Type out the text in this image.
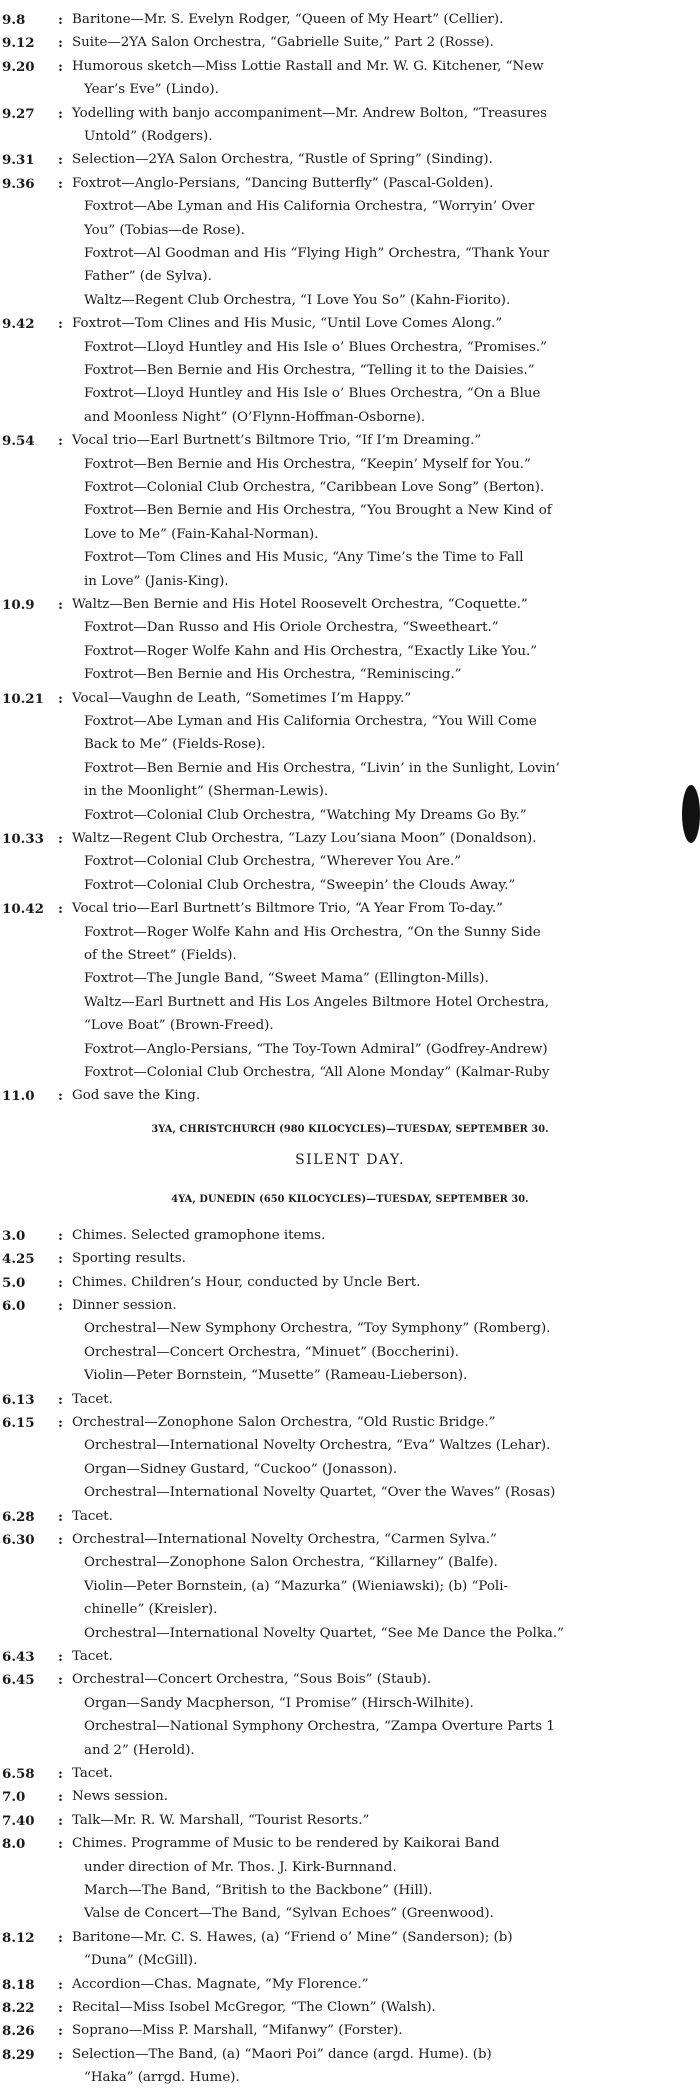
9.8	: Baritone—Mr. S. Evelyn Rodger, “Queen of My Heart” (Cellier).
9.12	: Suite—2YA Salon Orchestra, “Gabrielle Suite,” Part 2 (Rosse).
9.20	: Humorous sketch—Miss Lottie Rastall and Mr. W. G. Kitchener, “New
Year’s Eve” (Lindo).
9.27	: Yodelling with banjo accompaniment—Mr. Andrew Bolton, “Treasures
Untold” (Rodgers).
9.31	: Selection—2YA Salon Orchestra, “Rustle of Spring” (Sinding).
9.36	: Foxtrot—Anglo-Persians, “Dancing Butterfly” (Pascal-Golden).
Foxtrot—Abe Lyman and His California Orchestra, “Worryin’ Over
You” (Tobias—de Rose).
Foxtrot—Al Goodman and His “Flying High” Orchestra, “Thank Your
Father” (de Sylva).
Waltz—Regent Club Orchestra, “I Love You So” (Kahn-Fiorito).
9.42	: Foxtrot—Tom Clines and His Music, “Until Love Comes Along.”
Foxtrot—Lloyd Huntley and His Isle o’ Blues Orchestra, “Promises.”
Foxtrot—Ben Bernie and His Orchestra, “Telling it to the Daisies.”
Foxtrot—Lloyd Huntley and His Isle o’ Blues Orchestra, “On a Blue
and Moonless Night” (O’Flynn-Hoffman-Osborne).
9.54	: Vocal trio—Earl Burtnett’s Biltmore Trio, “If I’m Dreaming.”
Foxtrot—Ben Bernie and His Orchestra, “Keepin’ Myself for You.”
Foxtrot—Colonial Club Orchestra, “Caribbean Love Song” (Berton).
Foxtrot—Ben Bernie and His Orchestra, “You Brought a New Kind of
Love to Me” (Fain-Kahal-Norman).
Foxtrot—Tom Clines and His Music, “Any Time’s the Time to Fall
in Love” (Janis-King).
10.9	: Waltz—Ben Bernie and His Hotel Roosevelt Orchestra, “Coquette.”
Foxtrot—Dan Russo and His Oriole Orchestra, “Sweetheart.”
Foxtrot—Roger Wolfe Kahn and His Orchestra, “Exactly Like You.”
Foxtrot—Ben Bernie and His Orchestra, “Reminiscing.”
10.21	: Vocal—Vaughn de Leath, “Sometimes I’m Happy.”
Foxtrot—Abe Lyman and His California Orchestra, “You Will Come
Back to Me” (Fields-Rose).
Foxtrot—Ben Bernie and His Orchestra, “Livin’ in the Sunlight, Lovin’
in the Moonlight” (Sherman-Lewis).
Foxtrot—Colonial Club Orchestra, “Watching My Dreams Go By.”
10.33	: Waltz—Regent Club Orchestra, “Lazy Lou’siana Moon” (Donaldson).
Foxtrot—Colonial Club Orchestra, “Wherever You Are.”
Foxtrot—Colonial Club Orchestra, “Sweepin’ the Clouds Away.”
10.42	: Vocal trio—Earl Burtnett’s Biltmore Trio, “A Year From To-day.”
Foxtrot—Roger Wolfe Kahn and His Orchestra, “On the Sunny Side
of the Street” (Fields).
Foxtrot—The Jungle Band, “Sweet Mama” (Ellington-Mills).
Waltz—Earl Burtnett and His Los Angeles Biltmore Hotel Orchestra,
“Love Boat” (Brown-Freed).
Foxtrot—Anglo-Persians, “The Toy-Town Admiral” (Godfrey-Andrew)
Foxtrot—Colonial Club Orchestra, “All Alone Monday” (Kalmar-Ruby
11.0	: God save the King.
3YA, CHRISTCHURCH (980 KILOCYCLES)—TUESDAY, SEPTEMBER 30.
SILENT DAY.
4YA, DUNEDIN (650 KILOCYCLES)—TUESDAY, SEPTEMBER 30.
3.0	: Chimes. Selected gramophone items.
4.25	: Sporting results.
5.0	: Chimes. Children’s Hour, conducted by Uncle Bert.
6.0	: Dinner session.
Orchestral—New Symphony Orchestra, “Toy Symphony” (Romberg).
Orchestral—Concert Orchestra, “Minuet” (Boccherini).
Violin—Peter Bornstein, “Musette” (Rameau-Lieberson).
6.13	: Tacet.
6.15	: Orchestral—Zonophone Salon Orchestra, “Old Rustic Bridge.”
Orchestral—International Novelty Orchestra, “Eva” Waltzes (Lehar).
Organ—Sidney Gustard, “Cuckoo” (Jonasson).
Orchestral—International Novelty Quartet, “Over the Waves” (Rosas)
6.28	: Tacet.
6.30	: Orchestral—International Novelty Orchestra, “Carmen Sylva.”
Orchestral—Zonophone Salon Orchestra, “Killarney” (Balfe).
Violin—Peter Bornstein, (a) “Mazurka” (Wieniawski); (b) “Poli-
chinelle” (Kreisler).
Orchestral—International Novelty Quartet, “See Me Dance the Polka.”
6.43	: Tacet.
6.45	: Orchestral—Concert Orchestra, “Sous Bois” (Staub).
Organ—Sandy Macpherson, “I Promise” (Hirsch-Wilhite).
Orchestral—National Symphony Orchestra, “Zampa Overture Parts 1
and 2” (Herold).
6.58	: Tacet.
7.0	: News session.
7.40	: Talk—Mr. R. W. Marshall, “Tourist Resorts.”
8.0	: Chimes. Programme of Music to be rendered by Kaikorai Band
under direction of Mr. Thos. J. Kirk-Burnnand.
March—The Band, “British to the Backbone” (Hill).
Valse de Concert—The Band, “Sylvan Echoes” (Greenwood).
8.12	: Baritone—Mr. C. S. Hawes, (a) “Friend o’ Mine” (Sanderson); (b)
“Duna” (McGill).
8.18	: Accordion—Chas. Magnate, “My Florence.”
8.22	: Recital—Miss Isobel McGregor, “The Clown” (Walsh).
8.26	: Soprano—Miss P. Marshall, “Mifanwy” (Forster).
8.29	: Selection—The Band, (a) “Maori Poi” dance (argd. Hume). (b)
“Haka” (arrgd. Hume).
